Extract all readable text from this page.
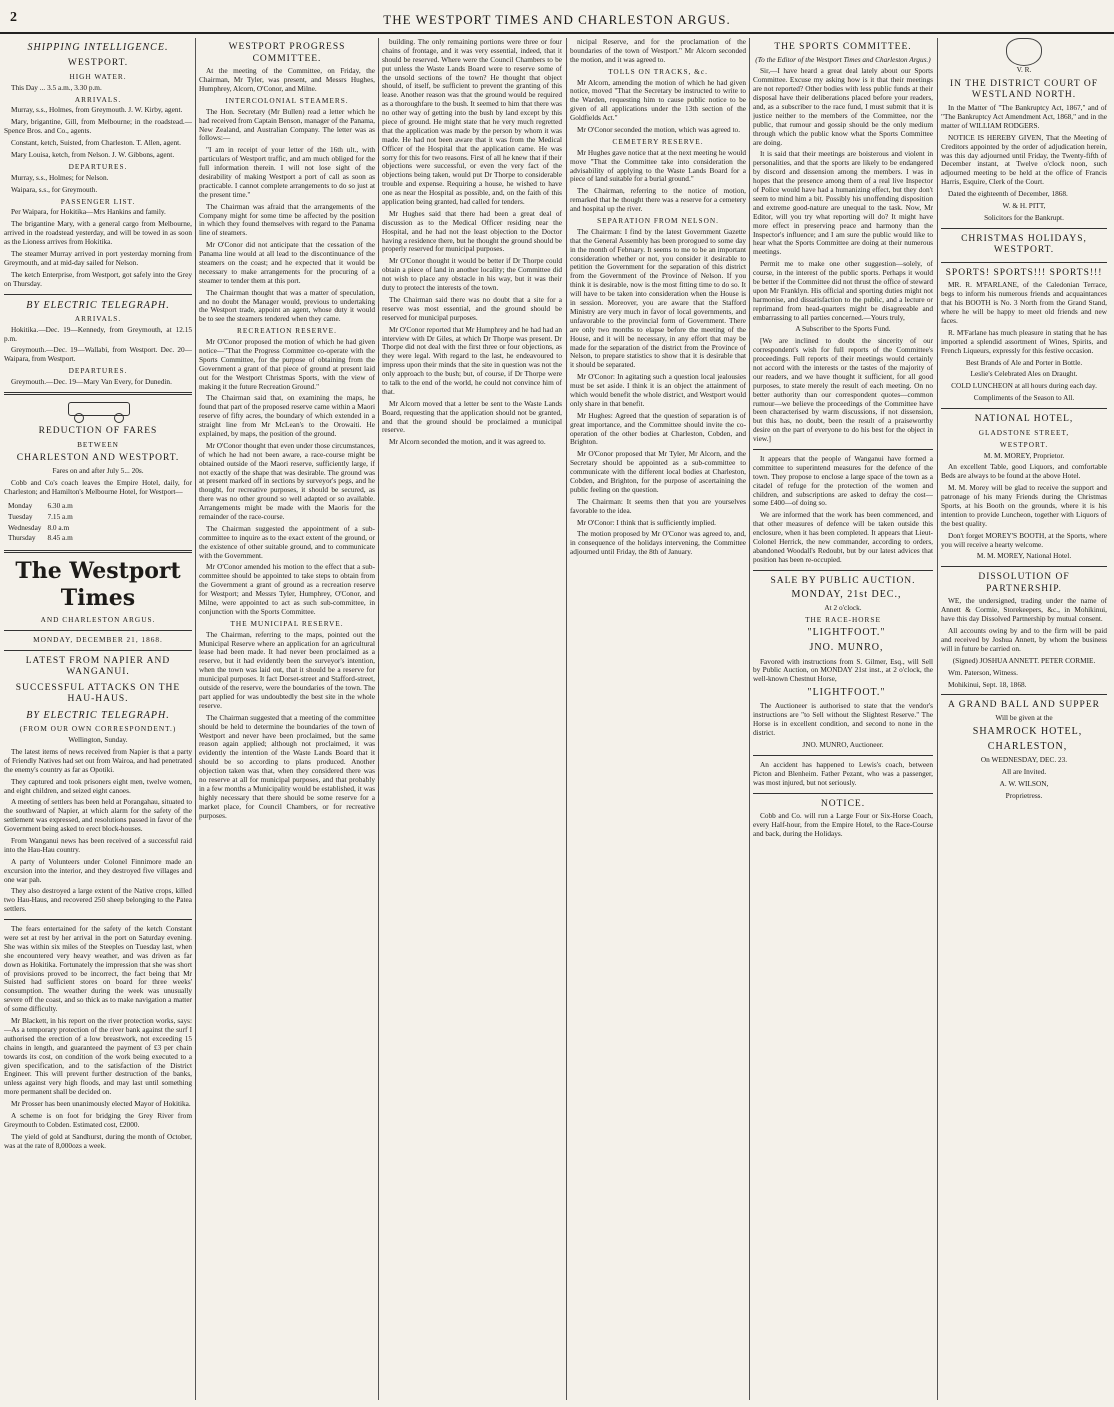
2	THE WESTPORT TIMES AND CHARLESTON ARGUS.
SHIPPING INTELLIGENCE.
WESTPORT.
HIGH WATER.

This Day ... 3.5 a.m., 3.30 p.m.

ARRIVALS.

Murray, s.s., Holmes, from Greymouth. J. W. Kirby, agent.

Mary, brigantine, Gill, from Melbourne; in the roadstead.—Spence Bros. and Co., agents.

Constant, ketch, Suisted, from Charleston. T. Allen, agent.

Mary Louisa, ketch, from Nelson. J. W. Gibbons, agent.

DEPARTURES.

Murray, s.s., Holmes; for Nelson.

Waipara, s.s., for Greymouth.

PASSENGER LIST.

Per Waipara, for Hokitika—Mrs Hankins and family.

The brigantine Mary, with a general cargo from Melbourne, arrived in the roadstead yesterday, and will be towed in as soon as the Lioness arrives from Hokitika.

The steamer Murray arrived in port yesterday morning from Greymouth, and at mid-day sailed for Nelson.

The ketch Enterprise, from Westport, got safely into the Grey on Thursday.

BY ELECTRIC TELEGRAPH.
ARRIVALS.

Hokitika.—Dec. 19—Kennedy, from Greymouth, at 12.15 p.m.

Greymouth.—Dec. 19—Wallabi, from Westport. Dec. 20—Waipara, from Westport.

DEPARTURES.

Greymouth.—Dec. 19—Mary Van Every, for Dunedin.

REDUCTION OF FARES
BETWEEN
CHARLESTON AND WESTPORT.

Fares on and after July 5... 20s.

Cobb and Co's coach leaves the Empire Hotel, daily, for Charleston; and Hamilton's Melbourne Hotel, for Westport—

Monday	6.30 a.m
Tuesday	7.15 a.m
Wednesday	8.0 a.m
Thursday	8.45 a.m
The Westport Times
AND CHARLESTON ARGUS.
MONDAY, DECEMBER 21, 1868.
LATEST FROM NAPIER AND WANGANUI.
SUCCESSFUL ATTACKS ON THE HAU-HAUS.
BY ELECTRIC TELEGRAPH.
(FROM OUR OWN CORRESPONDENT.)

Wellington, Sunday.

The latest items of news received from Napier is that a party of Friendly Natives had set out from Wairoa, and had penetrated the enemy's country as far as Opotiki.

They captured and took prisoners eight men, twelve women, and eight children, and seized eight canoes.

A meeting of settlers has been held at Porangahau, situated to the southward of Napier, at which alarm for the safety of the settlement was expressed, and resolutions passed in favor of the Government being asked to erect block-houses.

From Wanganui news has been received of a successful raid into the Hau-Hau country.

A party of Volunteers under Colonel Finnimore made an excursion into the interior, and they destroyed five villages and one war pah.

They also destroyed a large extent of the Native crops, killed two Hau-Haus, and recovered 250 sheep belonging to the Patea settlers.

The fears entertained for the safety of the ketch Constant were set at rest by her arrival in the port on Saturday evening. She was within six miles of the Steeples on Tuesday last, when she encountered very heavy weather, and was driven as far down as Hokitika. Fortunately the impression that she was short of provisions proved to be incorrect, the fact being that Mr Suisted had sufficient stores on board for three weeks' consumption. The weather during the week was unusually severe off the coast, and so thick as to make navigation a matter of some difficulty.

Mr Blackett, in his report on the river protection works, says:—As a temporary protection of the river bank against the surf I authorised the erection of a low breastwork, not exceeding 15 chains in length, and guaranteed the payment of £3 per chain towards its cost, on condition of the work being executed to a given specification, and to the satisfaction of the District Engineer. This will prevent further destruction of the banks, unless against very high floods, and may last until something more permanent shall be decided on.

Mr Prosser has been unanimously elected Mayor of Hokitika.

A scheme is on foot for bridging the Grey River from Greymouth to Cobden. Estimated cost, £2000.

The yield of gold at Sandhurst, during the month of October, was at the rate of 8,000ozs a week.

WESTPORT PROGRESS COMMITTEE.

At the meeting of the Committee, on Friday, the Chairman, Mr Tyler, was present, and Messrs Hughes, Humphrey, Alcorn, O'Conor, and Milne.

INTERCOLONIAL STEAMERS.

The Hon. Secretary (Mr Bullen) read a letter which he had received from Captain Benson, manager of the Panama, New Zealand, and Australian Company. The letter was as follows:—

"I am in receipt of your letter of the 16th ult., with particulars of Westport traffic, and am much obliged for the full information therein. I will not lose sight of the desirability of making Westport a port of call as soon as practicable. I cannot complete arrangements to do so just at the present time."

The Chairman was afraid that the arrangements of the Company might for some time be affected by the position in which they found themselves with regard to the Panama line of steamers.

Mr O'Conor did not anticipate that the cessation of the Panama line would at all lead to the discontinuance of the steamers on the coast; and he expected that it would be necessary to make arrangements for the procuring of a steamer to tender them at this port.

The Chairman thought that was a matter of speculation, and no doubt the Manager would, previous to undertaking the Westport trade, appoint an agent, whose duty it would be to see the steamers tendered when they came.

RECREATION RESERVE.

Mr O'Conor proposed the motion of which he had given notice—"That the Progress Committee co-operate with the Sports Committee, for the purpose of obtaining from the Government a grant of that piece of ground at present laid out for the Westport Christmas Sports, with the view of making it the future Recreation Ground."

The Chairman said that, on examining the maps, he found that part of the proposed reserve came within a Maori reserve of fifty acres, the boundary of which extended in a straight line from Mr McLean's to the Orowaiti. He explained, by maps, the position of the ground.

Mr O'Conor thought that even under those circumstances, of which he had not been aware, a race-course might be obtained outside of the Maori reserve, sufficiently large, if not exactly of the shape that was desirable. The ground was at present marked off in sections by surveyor's pegs, and he thought, for recreative purposes, it should be secured, as there was no other ground so well adapted or so available. Arrangements might be made with the Maoris for the remainder of the race-course.

The Chairman suggested the appointment of a sub-committee to inquire as to the exact extent of the ground, or the existence of other suitable ground, and to communicate with the Government.

Mr O'Conor amended his motion to the effect that a sub-committee should be appointed to take steps to obtain from the Government a grant of ground as a recreation reserve for Westport; and Messrs Tyler, Humphrey, O'Conor, and Milne, were appointed to act as such sub-committee, in conjunction with the Sports Committee.

THE MUNICIPAL RESERVE.

The Chairman, referring to the maps, pointed out the Municipal Reserve where an application for an agricultural lease had been made. It had never been proclaimed as a reserve, but it had evidently been the surveyor's intention, when the town was laid out, that it should be a reserve for municipal purposes. It fact Dorset-street and Stafford-street, outside of the reserve, were the boundaries of the town. The part applied for was undoubtedly the best site in the whole reserve.

The Chairman suggested that a meeting of the committee should be held to determine the boundaries of the town of Westport and never have been proclaimed, but the same reason again applied; although not proclaimed, it was evidently the intention of the Waste Lands Board that it should be so according to plans produced. Another objection taken was that, when they considered there was no reserve at all for municipal purposes, and that probably in a few months a Municipality would be established, it was highly necessary that there should be some reserve for a market place, for Council Chambers, or for recreative purposes.

building. The only remaining portions were three or four chains of frontage, and it was very essential, indeed, that it should be reserved. Where were the Council Chambers to be put unless the Waste Lands Board were to reserve some of the unsold sections of the town? He thought that object should, of itself, be sufficient to prevent the granting of this lease. Another reason was that the ground would be required as a thoroughfare to the bush. It seemed to him that there was no other way of getting into the bush by land except by this piece of ground. He might state that he very much regretted that the application was made by the person by whom it was made. He had not been aware that it was from the Medical Officer of the Hospital that the application came. He was sorry for this for two reasons. First of all he knew that if their objections were successful, or even the very fact of the objections being taken, would put Dr Thorpe to considerable trouble and expense. Requiring a house, he wished to have one as near the Hospital as possible, and, on the faith of this application being granted, had called for tenders.

Mr Hughes said that there had been a great deal of discussion as to the Medical Officer residing near the Hospital, and he had not the least objection to the Doctor having a residence there, but he thought the ground should be properly reserved for municipal purposes.

Mr O'Conor thought it would be better if Dr Thorpe could obtain a piece of land in another locality; the Committee did not wish to place any obstacle in his way, but it was their duty to protect the interests of the town.

The Chairman said there was no doubt that a site for a reserve was most essential, and the ground should be reserved for municipal purposes.

Mr O'Conor reported that Mr Humphrey and he had had an interview with Dr Giles, at which Dr Thorpe was present. Dr Thorpe did not deal with the first three or four objections, as they were legal. With regard to the last, he endeavoured to impress upon their minds that the site in question was not the only approach to the bush; but, of course, if Dr Thorpe were to talk to the end of the world, he could not convince him of that.

Mr Alcorn moved that a letter be sent to the Waste Lands Board, requesting that the application should not be granted, and that the ground should be proclaimed a municipal reserve.

Mr Alcorn seconded the motion, and it was agreed to.

nicipal Reserve, and for the proclamation of the boundaries of the town of Westport." Mr Alcorn seconded the motion, and it was agreed to.

TOLLS ON TRACKS, &c.

Mr Alcorn, amending the motion of which he had given notice, moved "That the Secretary be instructed to write to the Warden, requesting him to cause public notice to be given of all applications under the 13th section of the Goldfields Act."

Mr O'Conor seconded the motion, which was agreed to.

CEMETERY RESERVE.

Mr Hughes gave notice that at the next meeting he would move "That the Committee take into consideration the advisability of applying to the Waste Lands Board for a piece of land suitable for a burial ground."

The Chairman, referring to the notice of motion, remarked that he thought there was a reserve for a cemetery and hospital up the river.

SEPARATION FROM NELSON.

The Chairman: I find by the latest Government Gazette that the General Assembly has been prorogued to some day in the month of February. It seems to me to be an important consideration whether or not, you consider it desirable to petition the Government for the separation of this district from the Government of the Province of Nelson. If you think it is desirable, now is the most fitting time to do so. It will have to be taken into consideration when the House is in session. Moreover, you are aware that the Stafford Ministry are very much in favor of local governments, and unfavorable to the provincial form of Government. There are only two months to elapse before the meeting of the House, and it will be necessary, in any effort that may be made for the separation of the district from the Province of Nelson, to prepare statistics to show that it is desirable that it should be separated.

Mr O'Conor: In agitating such a question local jealousies must be set aside. I think it is an object the attainment of which would benefit the whole district, and Westport would only share in that benefit.

Mr Hughes: Agreed that the question of separation is of great importance, and the Committee should invite the co-operation of the other bodies at Charleston, Cobden, and Brighton.

Mr O'Conor proposed that Mr Tyler, Mr Alcorn, and the Secretary should be appointed as a sub-committee to communicate with the different local bodies at Charleston, Cobden, and Brighton, for the purpose of ascertaining the public feeling on the question.

The Chairman: It seems then that you are yourselves favorable to the idea.

Mr O'Conor: I think that is sufficiently implied.

The motion proposed by Mr O'Conor was agreed to, and, in consequence of the holidays intervening, the Committee adjourned until Friday, the 8th of January.

THE SPORTS COMMITTEE.

(To the Editor of the Westport Times and Charleston Argus.)

Sir,—I have heard a great deal lately about our Sports Committee. Excuse my asking how is it that their meetings are not reported? Other bodies with less public funds at their disposal have their deliberations placed before your readers, and, as a subscriber to the race fund, I must submit that it is justice neither to the members of the Committee, nor the public, that rumour and gossip should be the only medium through which the public know what the Sports Committee are doing.

It is said that their meetings are boisterous and violent in personalities, and that the sports are likely to be endangered by discord and dissension among the members. I was in hopes that the presence among them of a real live Inspector of Police would have had a humanizing effect, but they don't seem to mind him a bit. Possibly his unoffending disposition and extreme good-nature are unequal to the task. Now, Mr Editor, will you try what reporting will do? It might have more effect in preserving peace and harmony than the Inspector's influence; and I am sure the public would like to hear what the Sports Committee are doing at their numerous meetings.

Permit me to make one other suggestion—solely, of course, in the interest of the public sports. Perhaps it would be better if the Committee did not thrust the office of steward upon Mr Franklyn. His official and sporting duties might not harmonise, and dissatisfaction to the public, and a lecture or reprimand from head-quarters might be disagreeable and embarrassing to all parties concerned.—Yours truly,

A Subscriber to the Sports Fund.

[We are inclined to doubt the sincerity of our correspondent's wish for full reports of the Committee's proceedings. Full reports of their meetings would certainly not accord with the interests or the tastes of the majority of our readers, and we have thought it sufficient, for all good purposes, to state merely the result of each meeting. On no better authority than our correspondent quotes—common rumour—we believe the proceedings of the Committee have been characterised by warm discussions, if not dissension, but this has, no doubt, been the result of a praiseworthy desire on the part of everyone to do his best for the object in view.]

It appears that the people of Wanganui have formed a committee to superintend measures for the defence of the town. They propose to enclose a large space of the town as a citadel of refuge for the protection of the women and children, and subscriptions are asked to defray the cost—some £400—of doing so.

We are informed that the work has been commenced, and that other measures of defence will be taken outside this enclosure, when it has been completed. It appears that Lieut-Colonel Herrick, the new commander, according to orders, abandoned Woodall's Redoubt, but by our latest advices that position has been re-occupied.

SALE BY PUBLIC AUCTION.

MONDAY, 21st DEC.,

At 2 o'clock.

THE RACE-HORSE

"LIGHTFOOT."

JNO. MUNRO,

Favored with instructions from S. Gilmer, Esq., will Sell by Public Auction, on MONDAY 21st inst., at 2 o'clock, the well-known Chestnut Horse,

"LIGHTFOOT."

The Auctioneer is authorised to state that the vendor's instructions are "to Sell without the Slightest Reserve." The Horse is in excellent condition, and second to none in the district.

JNO. MUNRO, Auctioneer.

An accident has happened to Lewis's coach, between Picton and Blenheim. Father Pezant, who was a passenger, was most injured, but not seriously.

NOTICE.

Cobb and Co. will run a Large Four or Six-Horse Coach, every Half-hour, from the Empire Hotel, to the Race-Course and back, during the Holidays.

V. R.

IN THE DISTRICT COURT OF WESTLAND NORTH.

In the Matter of "The Bankruptcy Act, 1867," and of "The Bankruptcy Act Amendment Act, 1868," and in the matter of WILLIAM RODGERS.

NOTICE IS HEREBY GIVEN, That the Meeting of Creditors appointed by the order of adjudication herein, was this day adjourned until Friday, the Twenty-fifth of December instant, at Twelve o'clock noon, such adjourned meeting to be held at the office of Francis Harris, Esquire, Clerk of the Court.

Dated the eighteenth of December, 1868.

W. & H. PITT,

Solicitors for the Bankrupt.

CHRISTMAS HOLIDAYS, WESTPORT.
SPORTS! SPORTS!!! SPORTS!!!

MR. R. M'FARLANE, of the Caledonian Terrace, begs to inform his numerous friends and acquaintances that his BOOTH is No. 3 North from the Grand Stand, where he will be happy to meet old friends and new faces.

R. M'Farlane has much pleasure in stating that he has imported a splendid assortment of Wines, Spirits, and French Liqueurs, expressly for this festive occasion.

Best Brands of Ale and Porter in Bottle.

Leslie's Celebrated Ales on Draught.

COLD LUNCHEON at all hours during each day.

Compliments of the Season to All.

NATIONAL HOTEL,
GLADSTONE STREET,
WESTPORT.

M. M. MOREY, Proprietor.

An excellent Table, good Liquors, and comfortable Beds are always to be found at the above Hotel.

M. M. Morey will be glad to receive the support and patronage of his many Friends during the Christmas Sports, at his Booth on the grounds, where it is his intention to provide Luncheon, together with Liquors of the best quality.

Don't forget MOREY'S BOOTH, at the Sports, where you will receive a hearty welcome.

M. M. MOREY, National Hotel.

DISSOLUTION OF PARTNERSHIP.

WE, the undersigned, trading under the name of Annett & Cormie, Storekeepers, &c., in Mohikinui, have this day Dissolved Partnership by mutual consent.

All accounts owing by and to the firm will be paid and received by Joshua Annett, by whom the business will in future be carried on.

(Signed) JOSHUA ANNETT. PETER CORMIE.

Wm. Paterson, Witness.

Mohikinui, Sept. 18, 1868.

A GRAND BALL AND SUPPER

Will be given at the

SHAMROCK HOTEL,

CHARLESTON,

On WEDNESDAY, DEC. 23.

All are Invited.

A. W. WILSON,

Proprietress.
